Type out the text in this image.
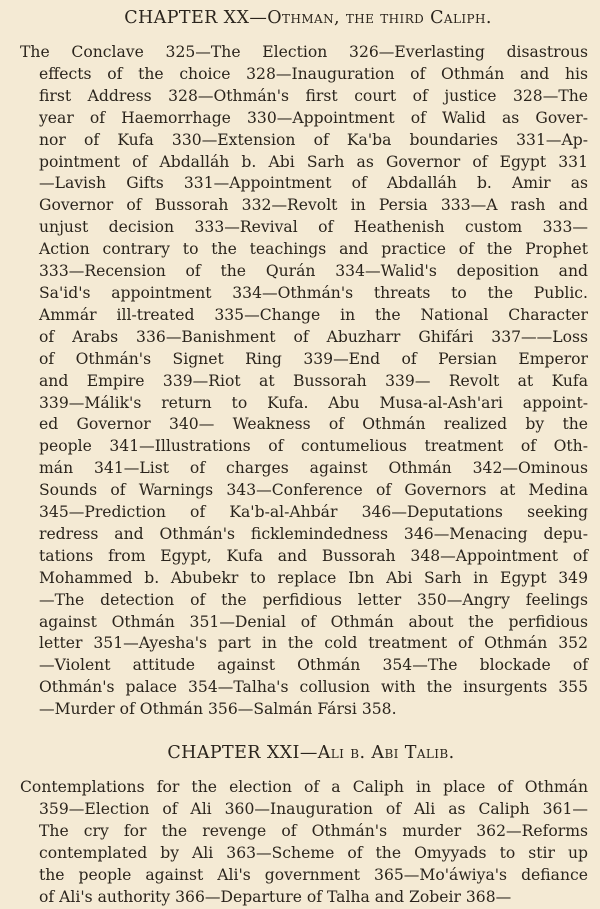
CHAPTER XX—Othman, the third Caliph.

The Conclave 325—The Election 326—Everlasting disastrous
effects of the choice 328—Inauguration of Othmán and his
first Address 328—Othmán's first court of justice 328—The
year of Haemorrhage 330—Appointment of Walid as Gover-
nor of Kufa 330—Extension of Ka'ba boundaries 331—Ap-
pointment of Abdalláh b. Abi Sarh as Governor of Egypt 331
—Lavish Gifts 331—Appointment of Abdalláh b. Amir as
Governor of Bussorah 332—Revolt in Persia 333—A rash and
unjust decision 333—Revival of Heathenish custom 333—
Action contrary to the teachings and practice of the Prophet
333—Recension of the Qurán 334—Walid's deposition and
Sa'id's appointment 334—Othmán's threats to the Public.
Ammár ill-treated 335—Change in the National Character
of Arabs 336—Banishment of Abuzharr Ghifári 337——Loss
of Othmán's Signet Ring 339—End of Persian Emperor
and Empire 339—Riot at Bussorah 339— Revolt at Kufa
339—Málik's return to Kufa. Abu Musa-al-Ash'ari appoint-
ed Governor 340— Weakness of Othmán realized by the
people 341—Illustrations of contumelious treatment of Oth-
mán 341—List of charges against Othmán 342—Ominous
Sounds of Warnings 343—Conference of Governors at Medina
345—Prediction of Ka'b-al-Ahbár 346—Deputations seeking
redress and Othmán's ficklemindedness 346—Menacing depu-
tations from Egypt, Kufa and Bussorah 348—Appointment of
Mohammed b. Abubekr to replace Ibn Abi Sarh in Egypt 349
—The detection of the perfidious letter 350—Angry feelings
against Othmán 351—Denial of Othmán about the perfidious
letter 351—Ayesha's part in the cold treatment of Othmán 352
—Violent attitude against Othmán 354—The blockade of
Othmán's palace 354—Talha's collusion with the insurgents 355
—Murder of Othmán 356—Salmán Fársi 358.

CHAPTER XXI—Ali b. Abi Talib.

Contemplations for the election of a Caliph in place of Othmán
359—Election of Ali 360—Inauguration of Ali as Caliph 361—
The cry for the revenge of Othmán's murder 362—Reforms
contemplated by Ali 363—Scheme of the Omyyads to stir up
the people against Ali's government 365—Mo'áwiya's defiance
of Ali's authority 366—Departure of Talha and Zobeir 368—
